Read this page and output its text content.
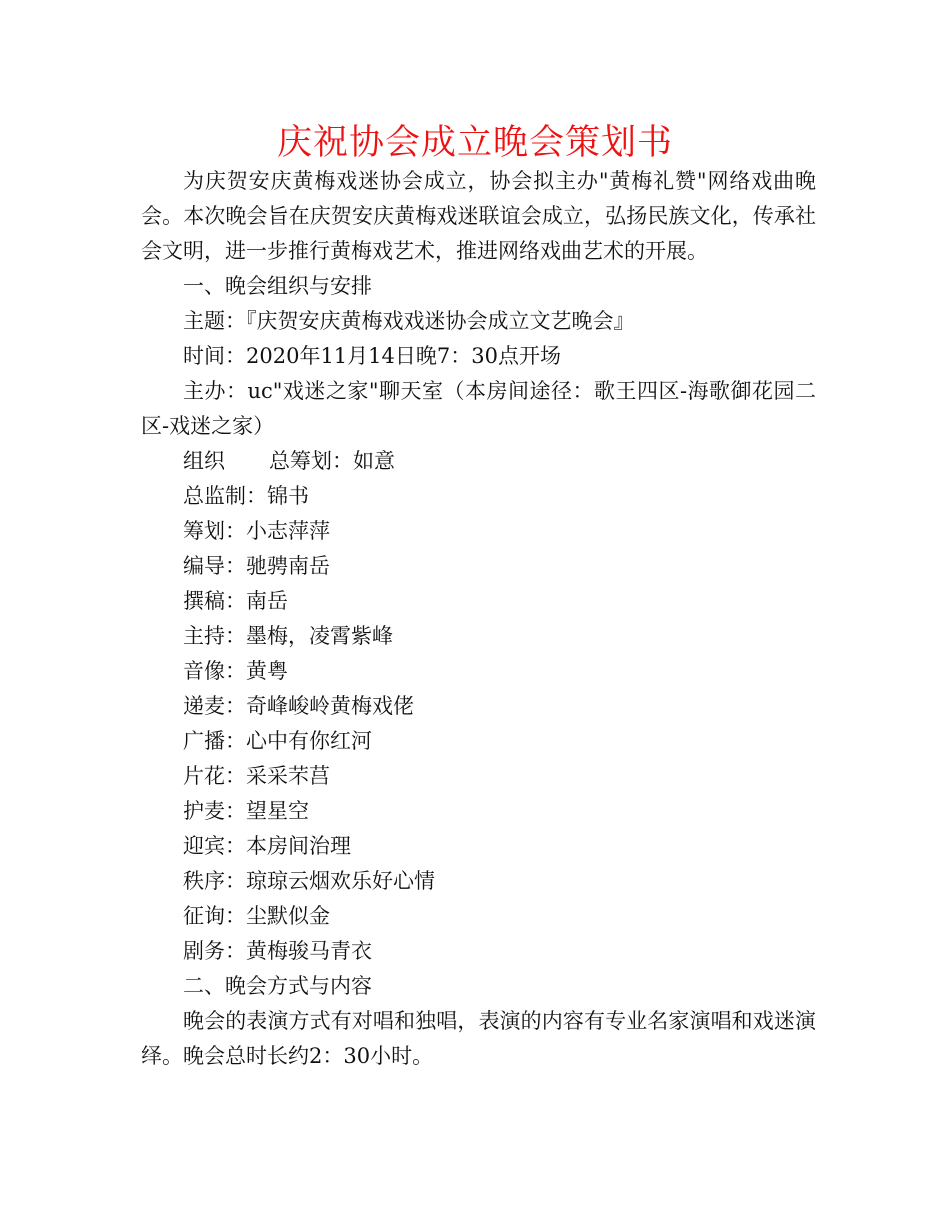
庆祝协会成立晚会策划书

为庆贺安庆黄梅戏迷协会成立，协会拟主办"黄梅礼赞"网络戏曲晚会。本次晚会旨在庆贺安庆黄梅戏迷联谊会成立，弘扬民族文化，传承社会文明，进一步推行黄梅戏艺术，推进网络戏曲艺术的开展。

一、晚会组织与安排

主题：『庆贺安庆黄梅戏戏迷协会成立文艺晚会』

时间：2020年11月14日晚7：30点开场

主办：uc"戏迷之家"聊天室（本房间途径：歌王四区-海歌御花园二区-戏迷之家）

组织 总筹划：如意

总监制：锦书

筹划：小志萍萍

编导：驰骋南岳

撰稿：南岳

主持：墨梅，凌霄紫峰

音像：黄粤

递麦：奇峰峻岭黄梅戏佬

广播：心中有你红河

片花：采采芣莒

护麦：望星空

迎宾：本房间治理

秩序：琼琼云烟欢乐好心情

征询：尘默似金

剧务：黄梅骏马青衣

二、晚会方式与内容

晚会的表演方式有对唱和独唱，表演的内容有专业名家演唱和戏迷演绎。晚会总时长约2：30小时。
